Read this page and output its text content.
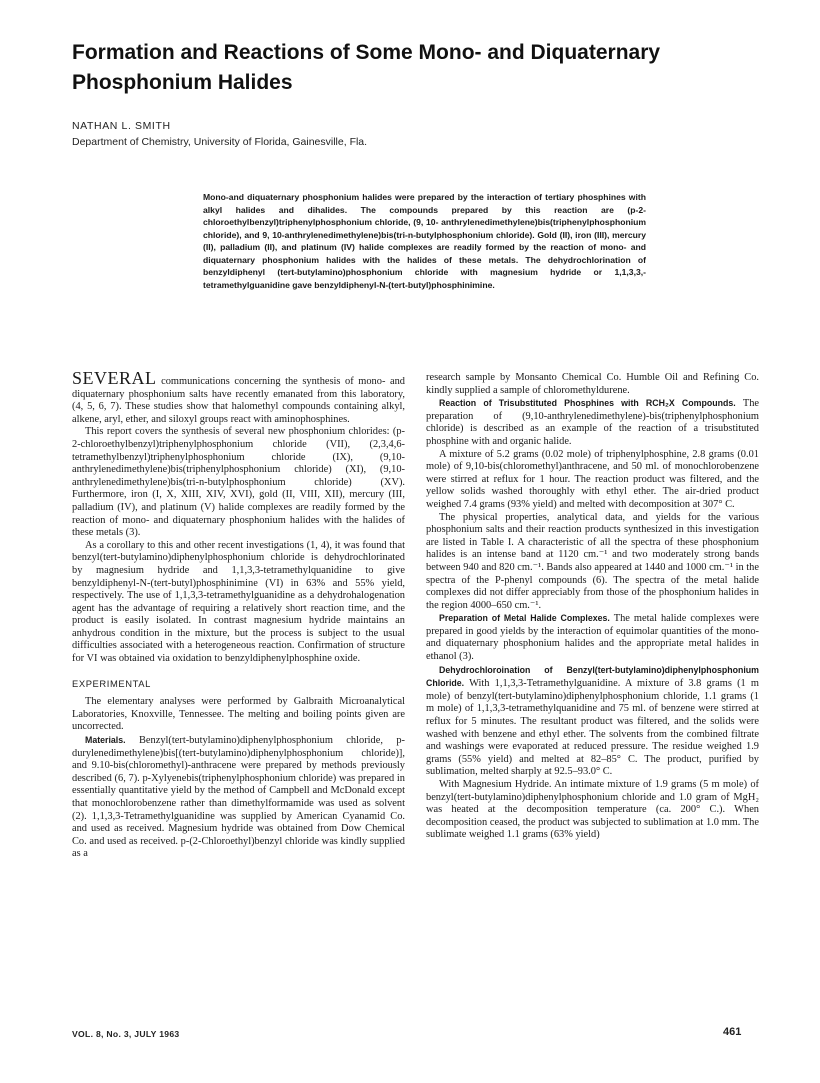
Formation and Reactions of Some Mono- and Diquaternary Phosphonium Halides
NATHAN L. SMITH
Department of Chemistry, University of Florida, Gainesville, Fla.
Mono-and diquaternary phosphonium halides were prepared by the interaction of tertiary phosphines with alkyl halides and dihalides. The compounds prepared by this reaction are (p-2-chloroethylbenzyl)triphenylphosphonium chloride, (9, 10- anthrylenedimethylene)bis(triphenylphosphonium chloride), and 9, 10-anthrylenedimethylene)bis(tri-n-butylphosphonium chloride). Gold (II), iron (III), mercury (II), palladium (II), and platinum (IV) halide complexes are readily formed by the reaction of mono- and diquaternary phosphonium halides with the halides of these metals. The dehydrochlorination of benzyldiphenyl (tert-butylamino)phosphonium chloride with magnesium hydride or 1,1,3,3,-tetramethylguanidine gave benzyldiphenyl-N-(tert-butyl)phosphinimine.

SEVERAL communications concerning the synthesis of mono- and diquaternary phosphonium salts have recently emanated from this laboratory, (4, 5, 6, 7). These studies show that halomethyl compounds containing alkyl, alkene, aryl, ether, and siloxyl groups react with aminophosphines.

This report covers the synthesis of several new phosphonium chlorides: (p-2-chloroethylbenzyl)triphenylphosphonium chloride (VII), (2,3,4,6-tetramethylbenzyl)triphenylphosphonium chloride (IX), (9,10-anthrylenedimethylene)bis(triphenylphosphonium chloride) (XI), (9,10-anthrylenedimethylene)bis(tri-n-butylphosphonium chloride) (XV). Furthermore, iron (I, X, XIII, XIV, XVI), gold (II, VIII, XII), mercury (III, palladium (IV), and platinum (V) halide complexes are readily formed by the reaction of mono- and diquaternary phosphonium halides with the halides of these metals (3).

As a corollary to this and other recent investigations (1, 4), it was found that benzyl(tert-butylamino)diphenylphosphonium chloride is dehydrochlorinated by magnesium hydride and 1,1,3,3-tetramethylquanidine to give benzyldiphenyl-N-(tert-butyl)phosphinimine (VI) in 63% and 55% yield, respectively. The use of 1,1,3,3-tetramethylguanidine as a dehydrohalogenation agent has the advantage of requiring a relatively short reaction time, and the product is easily isolated. In contrast magnesium hydride maintains an anhydrous condition in the mixture, but the process is subject to the usual difficulties associated with a heterogeneous reaction. Confirmation of structure for VI was obtained via oxidation to benzyldiphenylphosphine oxide.

EXPERIMENTAL

The elementary analyses were performed by Galbraith Microanalytical Laboratories, Knoxville, Tennessee. The melting and boiling points given are uncorrected.

Materials. Benzyl(tert-butylamino)diphenylphosphonium chloride, p-durylenedimethylene)bis[(tert-butylamino)diphenylphosphonium chloride)], and 9.10-bis(chloromethyl)-anthracene were prepared by methods previously described (6, 7). p-Xylyenebis(triphenylphosphonium chloride) was prepared in essentially quantitative yield by the method of Campbell and McDonald except that monochlorobenzene rather than dimethylformamide was used as solvent (2). 1,1,3,3-Tetramethylguanidine was supplied by American Cyanamid Co. and used as received. Magnesium hydride was obtained from Dow Chemical Co. and used as received. p-(2-Chloroethyl)benzyl chloride was kindly supplied as a

research sample by Monsanto Chemical Co. Humble Oil and Refining Co. kindly supplied a sample of chloromethyldurene.

Reaction of Trisubstituted Phosphines with RCH₂X Compounds. The preparation of (9,10-anthrylenedimethylene)-bis(triphenylphosphonium chloride) is described as an example of the reaction of a trisubstituted phosphine with and organic halide.

A mixture of 5.2 grams (0.02 mole) of triphenylphosphine, 2.8 grams (0.01 mole) of 9,10-bis(chloromethyl)anthracene, and 50 ml. of monochlorobenzene were stirred at reflux for 1 hour. The reaction product was filtered, and the yellow solids washed thoroughly with ethyl ether. The air-dried product weighed 7.4 grams (93% yield) and melted with decomposition at 307° C.

The physical properties, analytical data, and yields for the various phosphonium salts and their reaction products synthesized in this investigation are listed in Table I. A characteristic of all the spectra of these phosphonium halides is an intense band at 1120 cm.⁻¹ and two moderately strong bands between 940 and 820 cm.⁻¹. Bands also appeared at 1440 and 1000 cm.⁻¹ in the spectra of the P-phenyl compounds (6). The spectra of the metal halide complexes did not differ appreciably from those of the phosphonium halides in the region 4000–650 cm.⁻¹.

Preparation of Metal Halide Complexes. The metal halide complexes were prepared in good yields by the interaction of equimolar quantities of the mono- and diquaternary phosphonium halides and the appropriate metal halides in ethanol (3).

Dehydrochloroination of Benzyl(tert-butylamino)diphenylphosphonium Chloride. With 1,1,3,3-Tetramethylguanidine. A mixture of 3.8 grams (1 m mole) of benzyl(tert-butylamino)diphenylphosphonium chloride, 1.1 grams (1 m mole) of 1,1,3,3-tetramethylquanidine and 75 ml. of benzene were stirred at reflux for 5 minutes. The resultant product was filtered, and the solids were washed with benzene and ethyl ether. The solvents from the combined filtrate and washings were evaporated at reduced pressure. The residue weighed 1.9 grams (55% yield) and melted at 82–85° C. The product, purified by sublimation, melted sharply at 92.5–93.0° C.

With Magnesium Hydride. An intimate mixture of 1.9 grams (5 m mole) of benzyl(tert-butylamino)diphenylphosphonium chloride and 1.0 gram of MgH₂ was heated at the decomposition temperature (ca. 200° C.). When decomposition ceased, the product was subjected to sublimation at 1.0 mm. The sublimate weighed 1.1 grams (63% yield)

VOL. 8, No. 3, JULY 1963	461
